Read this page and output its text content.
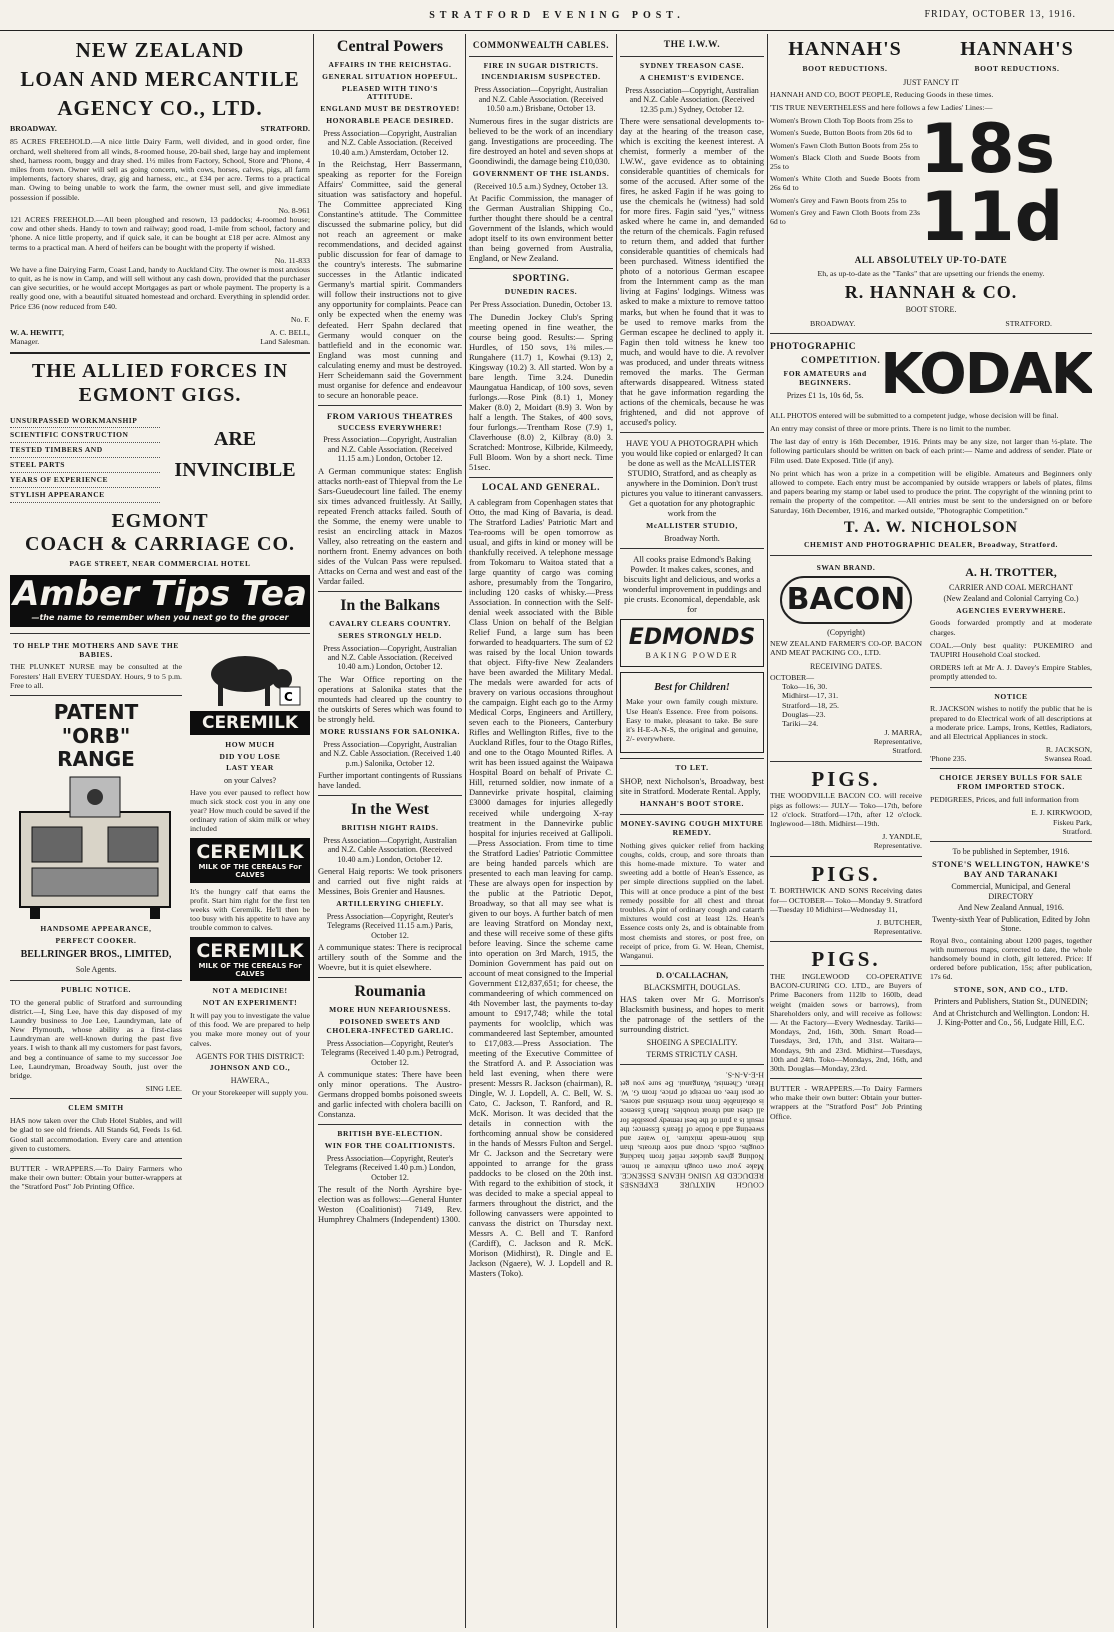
STRATFORD EVENING POST.	FRIDAY, OCTOBER 13, 1916.
NEW ZEALAND
LOAN AND MERCANTILE
AGENCY CO., LTD.
BROADWAY.	STRATFORD.

85 ACRES FREEHOLD.—A nice little Dairy Farm, well divided, and in good order, fine orchard, well sheltered from all winds, 8-roomed house, 20-bail shed, large hay and implement shed, harness room, buggy and dray shed. 1½ miles from Factory, School, Store and 'Phone, 4 miles from town. Owner will sell as going concern, with cows, horses, calves, pigs, all farm implements, factory shares, dray, gig and harness, etc., at £34 per acre. Terms to a practical man. Owing to being unable to work the farm, the owner must sell, and give immediate possession if possible.

No. 8-961

121 ACRES FREEHOLD.—All been ploughed and resown, 13 paddocks; 4-roomed house; cow and other sheds. Handy to town and railway; good road, 1-mile from school, factory and 'phone. A nice little property, and if quick sale, it can be bought at £18 per acre. Almost any terms to a practical man. A herd of heifers can be bought with the property if wished.

No. 11-833

We have a fine Dairying Farm, Coast Land, handy to Auckland City. The owner is most anxious to quit, as he is now in Camp, and will sell without any cash down, provided that the purchaser can give securities, or he would accept Mortgages as part or whole payment. The property is a really good one, with a beautiful situated homestead and orchard. Everything in splendid order. Price £36 (now reduced from £40.

No. F.
W. A. HEWITT,
Manager.
A. C. BELL,
Land Salesman.
THE ALLIED FORCES IN
EGMONT GIGS.
UNSURPASSED WORKMANSHIP
SCIENTIFIC CONSTRUCTION
TESTED TIMBERS AND
STEEL PARTS
YEARS OF EXPERIENCE
STYLISH APPEARANCE
ARE
INVINCIBLE
EGMONT
COACH & CARRIAGE CO.
PAGE STREET, NEAR COMMERCIAL HOTEL
Amber Tips Tea
—the name to remember when you next go to the grocer
TO HELP THE MOTHERS AND SAVE THE BABIES.

THE PLUNKET NURSE may be consulted at the Foresters' Hall EVERY TUESDAY. Hours, 9 to 5 p.m. Free to all.

PATENT
"ORB"
RANGE
HANDSOME APPEARANCE,
PERFECT COOKER.
BELLRINGER BROS., LIMITED,
Sole Agents.
PUBLIC NOTICE.

TO the general public of Stratford and surrounding district.—I, Sing Lee, have this day disposed of my Laundry business to Joe Lee, Laundryman, late of New Plymouth, whose ability as a first-class Laundryman are well-known during the past five years. I wish to thank all my customers for past favors, and beg a continuance of same to my successor Joe Lee, Laundryman, Broadway South, just over the bridge.

SING LEE.
CLEM SMITH

HAS now taken over the Club Hotel Stables, and will be glad to see old friends. All Stands 6d, Feeds 1s 6d. Good stall accommodation. Every care and attention given to customers.

BUTTER - WRAPPERS.—To Dairy Farmers who make their own butter: Obtain your butter-wrappers at the "Stratford Post" Job Printing Office.

C
CEREMILK
HOW MUCH
DID YOU LOSE
LAST YEAR
on your Calves?

Have you ever paused to reflect how much sick stock cost you in any one year? How much could be saved if the ordinary ration of skim milk or whey included

CEREMILK
MILK OF THE CEREALS For CALVES

It's the hungry calf that earns the profit. Start him right for the first ten weeks with Ceremilk. He'll then be too busy with his appetite to have any trouble common to calves.

CEREMILK
MILK OF THE CEREALS For CALVES
NOT A MEDICINE!
NOT AN EXPERIMENT!

It will pay you to investigate the value of this food. We are prepared to help you make more money out of your calves.

AGENTS FOR THIS DISTRICT:
JOHNSON AND CO.,
HAWERA.,

Or your Storekeeper will supply you.

Central Powers
AFFAIRS IN THE REICHSTAG.
GENERAL SITUATION HOPEFUL.
PLEASED WITH TINO'S ATTITUDE.
ENGLAND MUST BE DESTROYED!
HONORABLE PEACE DESIRED.
Press Association—Copyright, Australian and N.Z. Cable Association. (Received 10.40 a.m.) Amsterdam, October 12.

In the Reichstag, Herr Bassermann, speaking as reporter for the Foreign Affairs' Committee, said the general situation was satisfactory and hopeful. The Committee appreciated King Constantine's attitude. The Committee discussed the submarine policy, but did not reach an agreement or make recommendations, and decided against public discussion for fear of damage to the country's interests. The submarine successes in the Atlantic indicated Germany's martial spirit. Commanders will follow their instructions not to give any opportunity for complaints. Peace can only be expected when the enemy was defeated. Herr Spahn declared that Germany would conquer on the battlefield and in the economic war. England was most cunning and calculating enemy and must be destroyed. Herr Scheidemann said the Government must organise for defence and endeavour to secure an honorable peace.

FROM VARIOUS THEATRES
SUCCESS EVERYWHERE!
Press Association—Copyright, Australian and N.Z. Cable Association. (Received 11.15 a.m.) London, October 12.

A German communique states: English attacks north-east of Thiepval from the Le Sars-Gueudecourt line failed. The enemy six times advanced fruitlessly. At Sailly, repeated French attacks failed. South of the Somme, the enemy were unable to resist an encircling attack in Mazos Valley, also retreating on the eastern and northern front. Enemy advances on both sides of the Vulcan Pass were repulsed. Attacks on Cerna and west and east of the Vardar failed.

In the Balkans
CAVALRY CLEARS COUNTRY.
SERES STRONGLY HELD.
Press Association—Copyright, Australian and N.Z. Cable Association. (Received 10.40 a.m.) London, October 12.

The War Office reporting on the operations at Salonika states that the mounteds had cleared up the country to the outskirts of Seres which was found to be strongly held.

MORE RUSSIANS FOR SALONIKA.
Press Association—Copyright, Australian and N.Z. Cable Association. (Received 1.40 p.m.) Salonika, October 12.

Further important contingents of Russians have landed.

In the West
BRITISH NIGHT RAIDS.
Press Association—Copyright, Australian and N.Z. Cable Association. (Received 10.40 a.m.) London, October 12.

General Haig reports: We took prisoners and carried out five night raids at Messines, Bois Grenier and Hausnes.

ARTILLERYING CHIEFLY.
Press Association—Copyright, Reuter's Telegrams (Received 11.15 a.m.) Paris, October 12.

A communique states: There is reciprocal artillery south of the Somme and the Woevre, but it is quiet elsewhere.

Roumania
MORE HUN NEFARIOUSNESS.
POISONED SWEETS AND CHOLERA-INFECTED GARLIC.
Press Association—Copyright, Reuter's Telegrams (Received 1.40 p.m.) Petrograd, October 12.

A communique states: There have been only minor operations. The Austro-Germans dropped bombs poisoned sweets and garlic infected with cholera bacilli on Constanza.

BRITISH BYE-ELECTION.
WIN FOR THE COALITIONISTS.
Press Association—Copyright, Reuter's Telegrams (Received 1.40 p.m.) London, October 12.

The result of the North Ayrshire bye-election was as follows:—General Hunter Weston (Coalitionist) 7149, Rev. Humphrey Chalmers (Independent) 1300.

COMMONWEALTH CABLES.
FIRE IN SUGAR DISTRICTS.
INCENDIARISM SUSPECTED.
Press Association—Copyright, Australian and N.Z. Cable Association. (Received 10.50 a.m.) Brisbane, October 13.

Numerous fires in the sugar districts are believed to be the work of an incendiary gang. Investigations are proceeding. The fire destroyed an hotel and seven shops at Goondiwindi, the damage being £10,030.

GOVERNMENT OF THE ISLANDS.
(Received 10.5 a.m.) Sydney, October 13.

At Pacific Commission, the manager of the German Australian Shipping Co., further thought there should be a central Government of the Islands, which would adopt itself to its own environment better than being governed from Australia, England, or New Zealand.

SPORTING.
DUNEDIN RACES.
Per Press Association. Dunedin, October 13.

The Dunedin Jockey Club's Spring meeting opened in fine weather, the course being good. Results:— Spring Hurdles, of 150 sovs, 1¾ miles.—Rungahere (11.7) 1, Kowhai (9.13) 2, Kingsway (10.2) 3. All started. Won by a bare length. Time 3.24. Dunedin Maungatua Handicap, of 100 sovs, seven furlongs.—Rose Pink (8.1) 1, Money Maker (8.0) 2, Moidart (8.9) 3. Won by half a length. The Stakes, of 400 sovs, four furlongs.—Trentham Rose (7.9) 1, Claverhouse (8.0) 2, Kilbray (8.0) 3. Scratched: Montrose, Kilbride, Kilmeedy, Full Bloom. Won by a short neck. Time 51sec.

LOCAL AND GENERAL.

A cablegram from Copenhagen states that Otto, the mad King of Bavaria, is dead. The Stratford Ladies' Patriotic Mart and Tea-rooms will be open tomorrow as usual, and gifts in kind or money will be thankfully received. A telephone message from Tokomaru to Waitoa stated that a large quantity of cargo was coming ashore, presumably from the Tongariro, including 120 casks of whisky.—Press Association. In connection with the Self-denial week associated with the Bible Class Union on behalf of the Belgian Relief Fund, a large sum has been forwarded to headquarters. The sum of £2 was raised by the local Union towards that object. Fifty-five New Zealanders have been awarded the Military Medal. The medals were awarded for acts of bravery on various occasions throughout the campaign. Eight each go to the Army Medical Corps, Engineers and Artillery, seven each to the Pioneers, Canterbury Rifles and Wellington Rifles, five to the Auckland Rifles, four to the Otago Rifles, and one to the Otago Mounted Rifles. A writ has been issued against the Waipawa Hospital Board on behalf of Private C. Hill, returned soldier, now inmate of a Dannevirke private hospital, claiming £3000 damages for injuries allegedly received while undergoing X-ray treatment in the Dannevirke public hospital for injuries received at Gallipoli.—Press Association. From time to time the Stratford Ladies' Patriotic Committee are being handed parcels which are presented to each man leaving for camp. These are always open for inspection by the public at the Patriotic Depot, Broadway, so that all may see what is given to our boys. A further batch of men are leaving Stratford on Monday next, and these will receive some of these gifts before leaving. Since the scheme came into operation on 3rd March, 1915, the Dominion Government has paid out on account of meat consigned to the Imperial Government £12,837,651; for cheese, the commandeering of which commenced on 4th November last, the payments to-day amount to £917,748; while the total payments for woolclip, which was commandeered last September, amounted to £17,083.—Press Association. The meeting of the Executive Committee of the Stratford A. and P. Association was held last evening, when there were present: Messrs R. Jackson (chairman), R. Dingle, W. J. Lopdell, A. C. Bell, W. S. Cato, C. Jackson, T. Ranford, and R. McK. Morison. It was decided that the details in connection with the forthcoming annual show be considered in the hands of Messrs Fulton and Sergel. Mr C. Jackson and the Secretary were appointed to arrange for the grass paddocks to be closed on the 20th inst. With regard to the exhibition of stock, it was decided to make a special appeal to farmers throughout the district, and the following canvassers were appointed to canvass the district on Thursday next. Messrs A. C. Bell and T. Ranford (Cardiff), C. Jackson and R. McK. Morison (Midhirst), R. Dingle and E. Jackson (Ngaere), W. J. Lopdell and R. Masters (Toko).

THE I.W.W.
SYDNEY TREASON CASE.
A CHEMIST'S EVIDENCE.
Press Association—Copyright, Australian and N.Z. Cable Association. (Received 12.35 p.m.) Sydney, October 12.

There were sensational developments to-day at the hearing of the treason case, which is exciting the keenest interest. A chemist, formerly a member of the I.W.W., gave evidence as to obtaining considerable quantities of chemicals for some of the accused. After some of the fires, he asked Fagin if he was going to use the chemicals he (witness) had sold for more fires. Fagin said "yes," witness asked where he came in, and demanded the return of the chemicals. Fagin refused to return them, and added that further considerable quantities of chemicals had been purchased. Witness identified the photo of a notorious German escapee from the Internment camp as the man living at Fagins' lodgings. Witness was asked to make a mixture to remove tattoo marks, but when he found that it was to be used to remove marks from the German escapee he declined to apply it. Fagin then told witness he knew too much, and would have to die. A revolver was produced, and under threats witness removed the marks. The German afterwards disappeared. Witness stated that he gave information regarding the actions of the chemicals, because he was frightened, and did not approve of accused's policy.

HAVE YOU A PHOTOGRAPH which you would like copied or enlarged? It can be done as well as the McALLISTER STUDIO, Stratford, and as cheaply as anywhere in the Dominion. Don't trust pictures you value to itinerant canvassers. Get a quotation for any photographic work from the

McALLISTER STUDIO,
Broadway North.

All cooks praise Edmond's Baking Powder. It makes cakes, scones, and biscuits light and delicious, and works a wonderful improvement in puddings and pie crusts. Economical, dependable, ask for

EDMONDS
BAKING POWDER
Best for Children!

Make your own family cough mixture. Use Hean's Essence. Free from poisons. Easy to make, pleasant to take. Be sure it's H-E-A-N-S, the original and genuine, 2/- everywhere.

TO LET.

SHOP, next Nicholson's, Broadway, best site in Stratford. Moderate Rental. Apply,

HANNAH'S BOOT STORE.
MONEY-SAVING COUGH MIXTURE REMEDY.

Nothing gives quicker relief from hacking coughs, colds, croup, and sore throats than this home-made mixture. To water and sweeting add a bottle of Hean's Essence, as per simple directions supplied on the label. This will at once produce a pint of the best remedy possible for all chest and throat troubles. A pint of ordinary cough and catarrh mixtures would cost at least 12s. Hean's Essence costs only 2s, and is obtainable from most chemists and stores, or post free, on receipt of price, from G. W. Hean, Chemist, Wanganui.

D. O'CALLACHAN,
BLACKSMITH, DOUGLAS.

HAS taken over Mr G. Morrison's Blacksmith business, and hopes to merit the patronage of the settlers of the surrounding district.

SHOEING A SPECIALITY.
TERMS STRICTLY CASH.

COUGH MIXTURE EXPENSES REDUCED BY USING HEAN'S ESSENCE. Make your own cough mixture at home. Nothing gives quicker relief from hacking coughs, colds, croup and sore throats, than this home-made mixture. To water and sweeting add a bottle of Hean's Essence; the result is a pint of the best remedy possible for all chest and throat troubles. Hean's Essence is obtainable from most chemists and stores, or post free, on receipt of price, from G. W. Hean, Chemist, Wanganui. Be sure you get H-E-A-N-S.

HANNAH'S
BOOT REDUCTIONS.
HANNAH'S
BOOT REDUCTIONS.
JUST FANCY IT

HANNAH AND CO, BOOT PEOPLE, Reducing Goods in these times.

'TIS TRUE NEVERTHELESS and here follows a few Ladies' Lines:—

Women's Brown Cloth Top Boots from 25s to

Women's Suede, Button Boots from 20s 6d to

Women's Fawn Cloth Button Boots from 25s to

Women's Black Cloth and Suede Boots from 25s to

Women's White Cloth and Suede Boots from 26s 6d to

Women's Grey and Fawn Boots from 25s to

Women's Grey and Fawn Cloth Boots from 23s 6d to

18s 11d
ALL ABSOLUTELY UP-TO-DATE

Eh, as up-to-date as the "Tanks" that are upsetting our friends the enemy.

R. HANNAH & CO.
BOOT STORE.
BROADWAY.	STRATFORD.
PHOTOGRAPHIC
COMPETITION.
FOR AMATEURS and BEGINNERS.
Prizes £1 1s, 10s 6d, 5s. KODAK

ALL PHOTOS entered will be submitted to a competent judge, whose decision will be final.

An entry may consist of three or more prints. There is no limit to the number.

The last day of entry is 16th December, 1916. Prints may be any size, not larger than ½-plate. The following particulars should be written on back of each print:— Name and address of sender. Plate or Film used. Date Exposed. Title (if any).

No print which has won a prize in a competition will be eligible. Amateurs and Beginners only allowed to compete. Each entry must be accompanied by outside wrappers or labels of plates, films and papers bearing my stamp or label used to produce the print. The copyright of the winning print to remain the property of the competitor. —All entries must be sent to the undersigned on or before Saturday, 16th December, 1916, and marked outside, "Photographic Competition."

T. A. W. NICHOLSON
CHEMIST AND PHOTOGRAPHIC DEALER, Broadway, Stratford.
SWAN BRAND.
BACON
(Copyright)

NEW ZEALAND FARMER'S CO-OP. BACON AND MEAT PACKING CO., LTD.

RECEIVING DATES.
OCTOBER—
Toko—16, 30.
Midhirst—17, 31.
Stratford—18, 25.
Douglas—23.
Tariki—24.
J. MARRA,
Representative,
Stratford.
PIGS.

THE WOODVILLE BACON CO. will receive pigs as follows:— JULY— Toko—17th, before 12 o'clock. Stratford—17th, after 12 o'clock. Inglewood—18th. Midhirst—19th.

J. YANDLE,
Representative.
PIGS.

T. BORTHWICK AND SONS Receiving dates for— OCTOBER— Toko—Monday 9. Stratford—Tuesday 10 Midhirst—Wednesday 11,

J. BUTCHER,
Representative.
PIGS.

THE INGLEWOOD CO-OPERATIVE BACON-CURING CO. LTD., are Buyers of Prime Baconers from 112lb to 160lb, dead weight (maiden sows or barrows), from Shareholders only, and will receive as follows:— At the Factory—Every Wednesday. Tariki—Mondays, 2nd, 16th, 30th. Smart Road—Tuesdays, 3rd, 17th, and 31st. Waitara—Mondays, 9th and 23rd. Midhirst—Tuesdays, 10th and 24th. Toko—Mondays, 2nd, 16th, and 30th. Douglas—Monday, 23rd.

BUTTER - WRAPPERS.—To Dairy Farmers who make their own butter: Obtain your butter-wrappers at the "Stratford Post" Job Printing Office.

A. H. TROTTER,
CARRIER AND COAL MERCHANT
(New Zealand and Colonial Carrying Co.)
AGENCIES EVERYWHERE.

Goods forwarded promptly and at moderate charges.

COAL.—Only best quality: PUKEMIRO and TAUPIRI Household Coal stocked.

ORDERS left at Mr A. J. Davey's Empire Stables, promptly attended to.

NOTICE

R. JACKSON wishes to notify the public that he is prepared to do Electrical work of all descriptions at a moderate price. Lamps, Irons, Kettles, Radiators, and all Electrical Appliances in stock.

R. JACKSON,
'Phone 235.	Swansea Road.
CHOICE JERSEY BULLS FOR SALE FROM IMPORTED STOCK.

PEDIGREES, Prices, and full information from

E. J. KIRKWOOD,
Fiskeu Park,
Stratford.
To be published in September, 1916.
STONE'S WELLINGTON, HAWKE'S BAY AND TARANAKI
Commercial, Municipal, and General DIRECTORY
And New Zealand Annual, 1916.
Twenty-sixth Year of Publication, Edited by John Stone.

Royal 8vo., containing about 1200 pages, together with numerous maps, corrected to date, the whole handsomely bound in cloth, gilt lettered. Price: If ordered before publication, 15s; after publication, 17s 6d.

STONE, SON, AND CO., LTD.
Printers and Publishers, Station St., DUNEDIN;
And at Christchurch and Wellington. London: H. J. King-Potter and Co., 56, Ludgate Hill, E.C.
